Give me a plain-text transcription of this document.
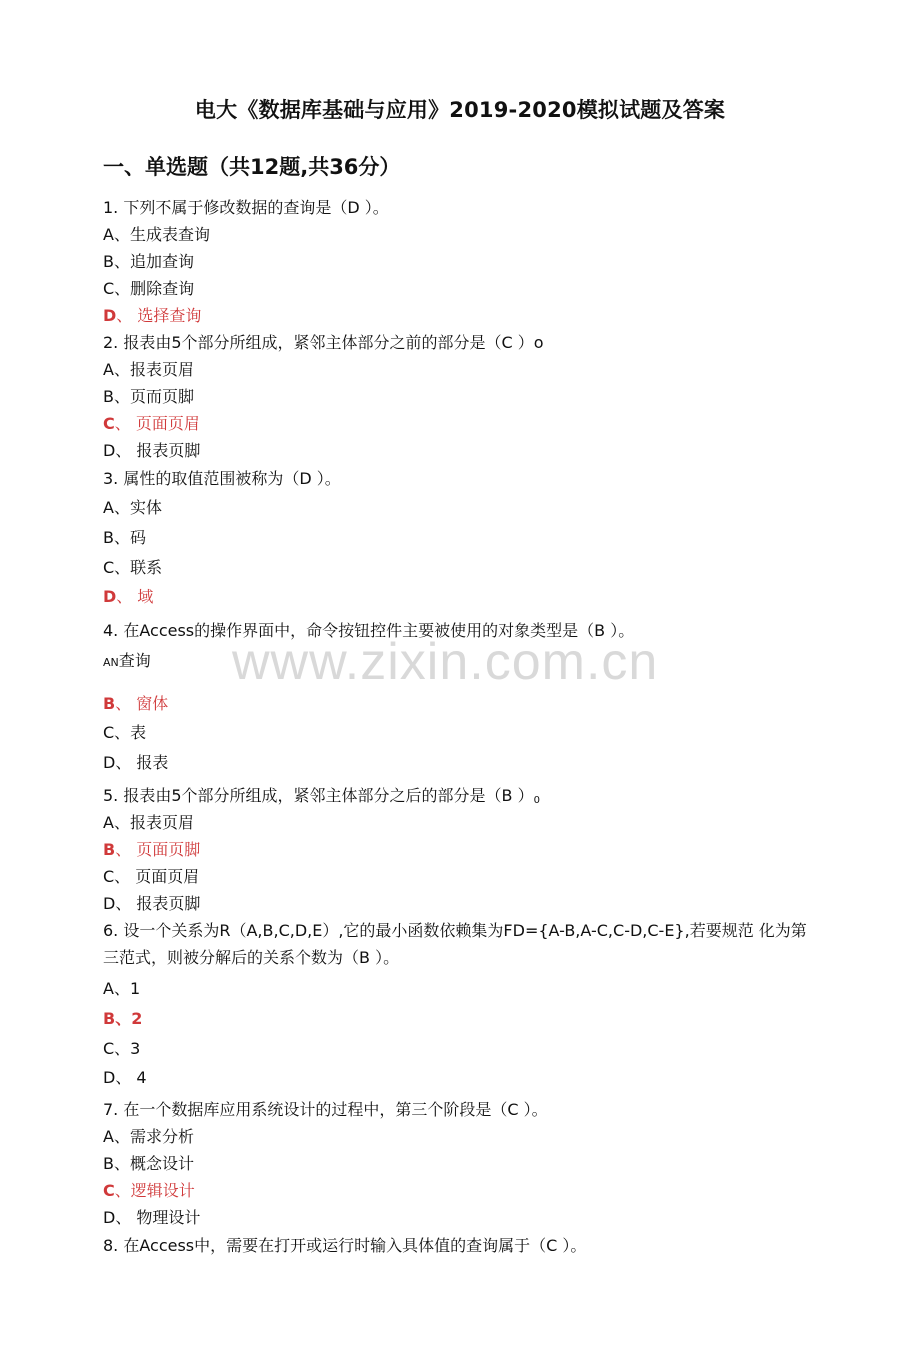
电大《数据库基础与应用》2019-2020模拟试题及答案
一、单选题（共12题,共36分）
1. 下列不属于修改数据的查询是（D ）。
A、生成表查询
B、追加查询
C、删除查询
D、 选择查询
2. 报表由5个部分所组成，紧邻主体部分之前的部分是（C ）o
A、报表页眉
B、页而页脚
C、 页面页眉
D、 报表页脚
3. 属性的取值范围被称为（D ）。
A、实体
B、码
C、联系
D、 域
4. 在Access的操作界面中，命令按钮控件主要被使用的对象类型是（B ）。
AN查询
B、 窗体
C、表
D、 报表
5. 报表由5个部分所组成，紧邻主体部分之后的部分是（B ）0
A、报表页眉
B、 页面页脚
C、 页面页眉
D、 报表页脚
6. 设一个关系为R（A,B,C,D,E）,它的最小函数依赖集为FD={A-B,A-C,C-D,C-E},若要规范 化为第三范式，则被分解后的关系个数为（B ）。
A、1
B、2
C、3
D、 4
7. 在一个数据库应用系统设计的过程中，第三个阶段是（C ）。
A、需求分析
B、概念设计
C、逻辑设计
D、 物理设计
8. 在Access中，需要在打开或运行时输入具体值的查询属于（C ）。
www.zixin.com.cn
